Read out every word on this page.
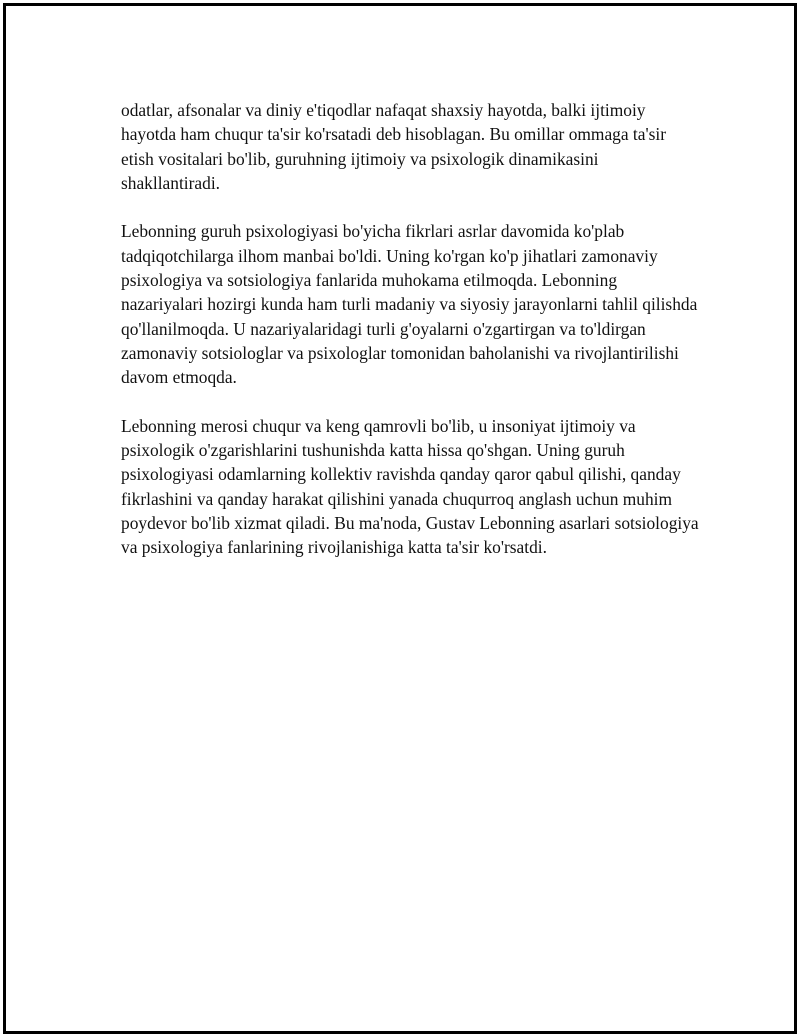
odatlar, afsonalar va diniy e'tiqodlar nafaqat shaxsiy hayotda, balki ijtimoiy hayotda ham chuqur ta'sir ko'rsatadi deb hisoblagan. Bu omillar ommaga ta'sir etish vositalari bo'lib, guruhning ijtimoiy va psixologik dinamikasini shakllantiradi.

Lebonning guruh psixologiyasi bo'yicha fikrlari asrlar davomida ko'plab tadqiqotchilarga ilhom manbai bo'ldi. Uning ko'rgan ko'p jihatlari zamonaviy psixologiya va sotsiologiya fanlarida muhokama etilmoqda. Lebonning nazariyalari hozirgi kunda ham turli madaniy va siyosiy jarayonlarni tahlil qilishda qo'llanilmoqda. U nazariyalaridagi turli g'oyalarni o'zgartirgan va to'ldirgan zamonaviy sotsiologlar va psixologlar tomonidan baholanishi va rivojlantirilishi davom etmoqda.

Lebonning merosi chuqur va keng qamrovli bo'lib, u insoniyat ijtimoiy va psixologik o'zgarishlarini tushunishda katta hissa qo'shgan. Uning guruh psixologiyasi odamlarning kollektiv ravishda qanday qaror qabul qilishi, qanday fikrlashini va qanday harakat qilishini yanada chuqurroq anglash uchun muhim poydevor bo'lib xizmat qiladi. Bu ma'noda, Gustav Lebonning asarlari sotsiologiya va psixologiya fanlarining rivojlanishiga katta ta'sir ko'rsatdi.
